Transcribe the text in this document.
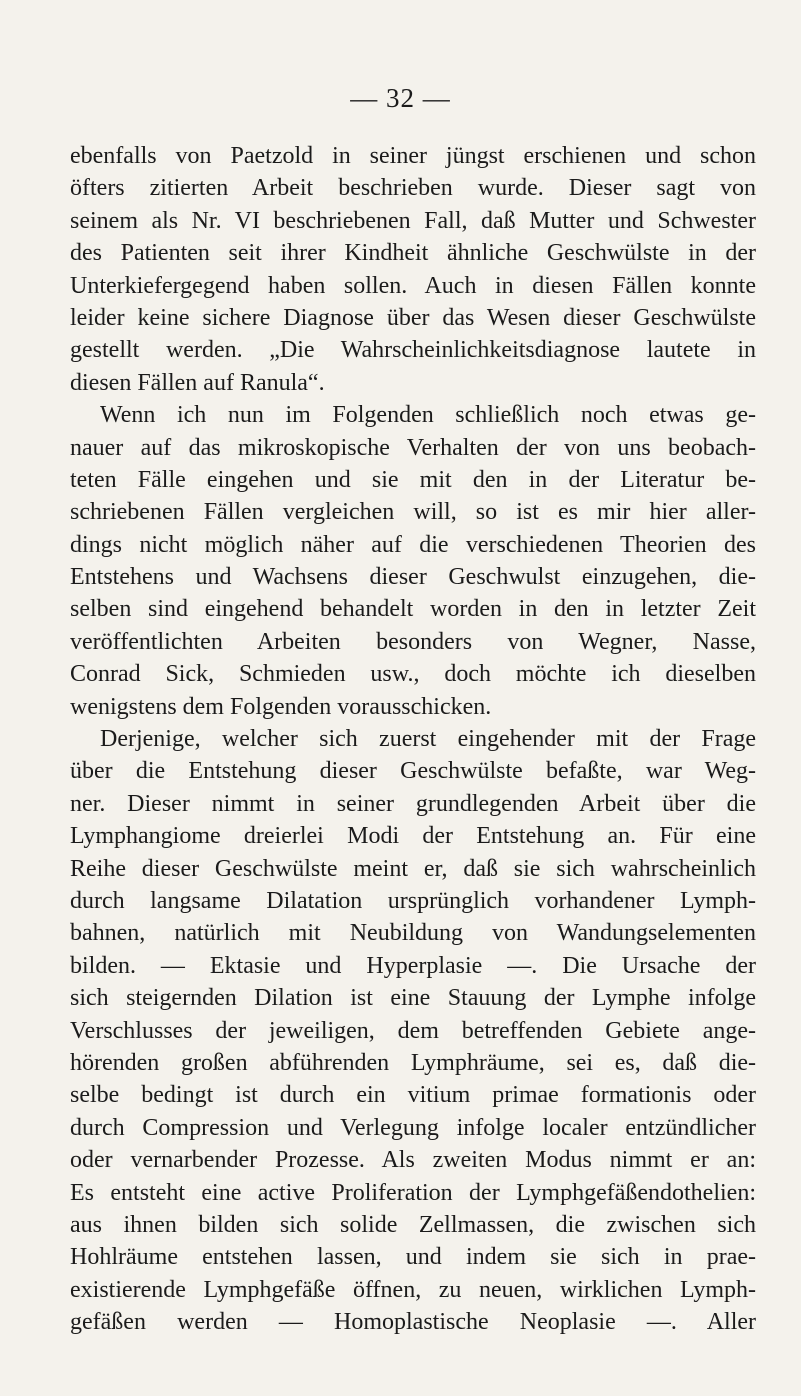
— 32 —
ebenfalls von Paetzold in seiner jüngst erschienen und schon
öfters zitierten Arbeit beschrieben wurde. Dieser sagt von
seinem als Nr. VI beschriebenen Fall, daß Mutter und Schwester
des Patienten seit ihrer Kindheit ähnliche Geschwülste in der
Unterkiefergegend haben sollen. Auch in diesen Fällen konnte
leider keine sichere Diagnose über das Wesen dieser Geschwülste
gestellt werden. „Die Wahrscheinlichkeitsdiagnose lautete in
diesen Fällen auf Ranula“.
Wenn ich nun im Folgenden schließlich noch etwas ge-
nauer auf das mikroskopische Verhalten der von uns beobach-
teten Fälle eingehen und sie mit den in der Literatur be-
schriebenen Fällen vergleichen will, so ist es mir hier aller-
dings nicht möglich näher auf die verschiedenen Theorien des
Entstehens und Wachsens dieser Geschwulst einzugehen, die-
selben sind eingehend behandelt worden in den in letzter Zeit
veröffentlichten Arbeiten besonders von Wegner, Nasse,
Conrad Sick, Schmieden usw., doch möchte ich dieselben
wenigstens dem Folgenden vorausschicken.
Derjenige, welcher sich zuerst eingehender mit der Frage
über die Entstehung dieser Geschwülste befaßte, war Weg-
ner. Dieser nimmt in seiner grundlegenden Arbeit über die
Lymphangiome dreierlei Modi der Entstehung an. Für eine
Reihe dieser Geschwülste meint er, daß sie sich wahrscheinlich
durch langsame Dilatation ursprünglich vorhandener Lymph-
bahnen, natürlich mit Neubildung von Wandungselementen
bilden. — Ektasie und Hyperplasie —. Die Ursache der
sich steigernden Dilation ist eine Stauung der Lymphe infolge
Verschlusses der jeweiligen, dem betreffenden Gebiete ange-
hörenden großen abführenden Lymphräume, sei es, daß die-
selbe bedingt ist durch ein vitium primae formationis oder
durch Compression und Verlegung infolge localer entzündlicher
oder vernarbender Prozesse. Als zweiten Modus nimmt er an:
Es entsteht eine active Proliferation der Lymphgefäßendothelien:
aus ihnen bilden sich solide Zellmassen, die zwischen sich
Hohlräume entstehen lassen, und indem sie sich in prae-
existierende Lymphgefäße öffnen, zu neuen, wirklichen Lymph-
gefäßen werden — Homoplastische Neoplasie —. Aller
